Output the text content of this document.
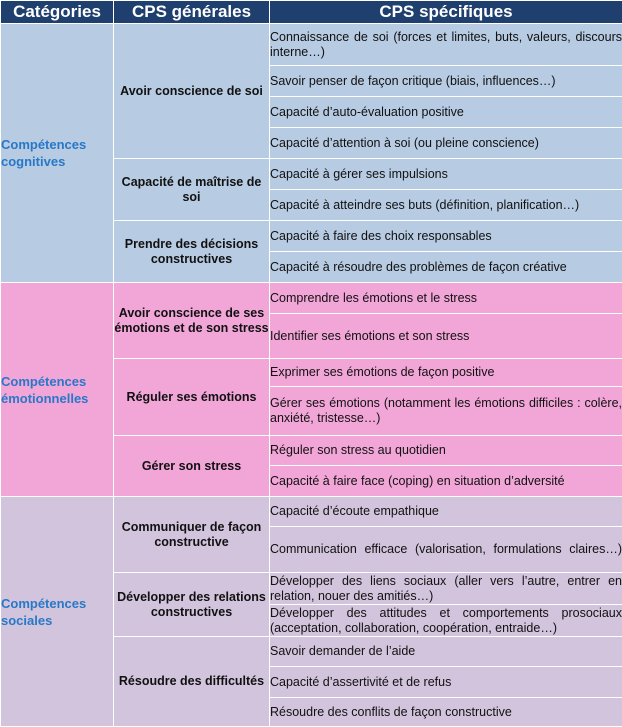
Catégories	CPS générales	CPS spécifiques
Compétences cognitives	Avoir conscience de soi	Connaissance de soi (forces et limites, buts, valeurs, discours interne…)
		Savoir penser de façon critique (biais, influences…)
		Capacité d’auto-évaluation positive
		Capacité d’attention à soi (ou pleine conscience)
	Capacité de maîtrise de soi	Capacité à gérer ses impulsions
		Capacité à atteindre ses buts (définition, planification…)
	Prendre des décisions constructives	Capacité à faire des choix responsables
		Capacité à résoudre des problèmes de façon créative
Compétences émotionnelles	Avoir conscience de ses émotions et de son stress	Comprendre les émotions et le stress
		Identifier ses émotions et son stress
	Réguler ses émotions	Exprimer ses émotions de façon positive
		Gérer ses émotions (notamment les émotions difficiles : colère, anxiété, tristesse…)
	Gérer son stress	Réguler son stress au quotidien
		Capacité à faire face (coping) en situation d’adversité
Compétences sociales	Communiquer de façon constructive	Capacité d’écoute empathique
		Communication efficace (valorisation, formulations claires…)
	Développer des relations constructives	Développer des liens sociaux (aller vers l’autre, entrer en relation, nouer des amitiés…)
		Développer des attitudes et comportements prosociaux (acceptation, collaboration, coopération, entraide…)
	Résoudre des difficultés	Savoir demander de l’aide
		Capacité d’assertivité et de refus
		Résoudre des conflits de façon constructive
